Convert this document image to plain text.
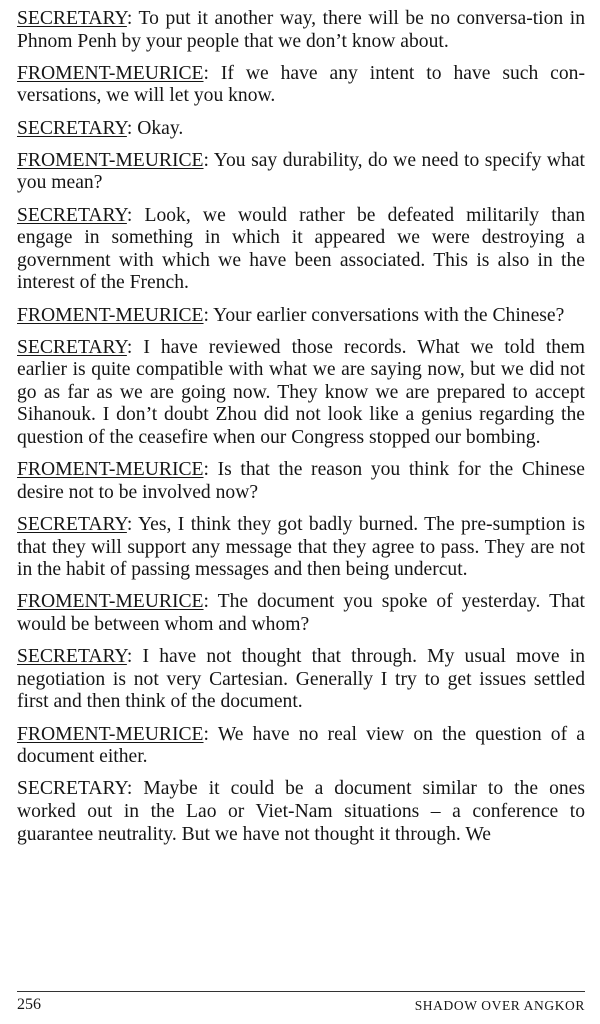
SECRETARY: To put it another way, there will be no conversa-tion in Phnom Penh by your people that we don’t know about.

FROMENT-MEURICE: If we have any intent to have such con-versations, we will let you know.

SECRETARY: Okay.

FROMENT-MEURICE: You say durability, do we need to specify what you mean?

SECRETARY: Look, we would rather be defeated militarily than engage in something in which it appeared we were destroying a government with which we have been associated. This is also in the interest of the French.

FROMENT-MEURICE: Your earlier conversations with the Chinese?

SECRETARY: I have reviewed those records. What we told them earlier is quite compatible with what we are saying now, but we did not go as far as we are going now. They know we are prepared to accept Sihanouk. I don’t doubt Zhou did not look like a genius regarding the question of the ceasefire when our Congress stopped our bombing.

FROMENT-MEURICE: Is that the reason you think for the Chinese desire not to be involved now?

SECRETARY: Yes, I think they got badly burned. The pre-sumption is that they will support any message that they agree to pass. They are not in the habit of passing messages and then being undercut.

FROMENT-MEURICE: The document you spoke of yesterday. That would be between whom and whom?

SECRETARY: I have not thought that through. My usual move in negotiation is not very Cartesian. Generally I try to get issues settled first and then think of the document.

FROMENT-MEURICE: We have no real view on the question of a document either.

SECRETARY: Maybe it could be a document similar to the ones worked out in the Lao or Viet-Nam situations – a conference to guarantee neutrality. But we have not thought it through. We

256	SHADOW OVER ANGKOR
